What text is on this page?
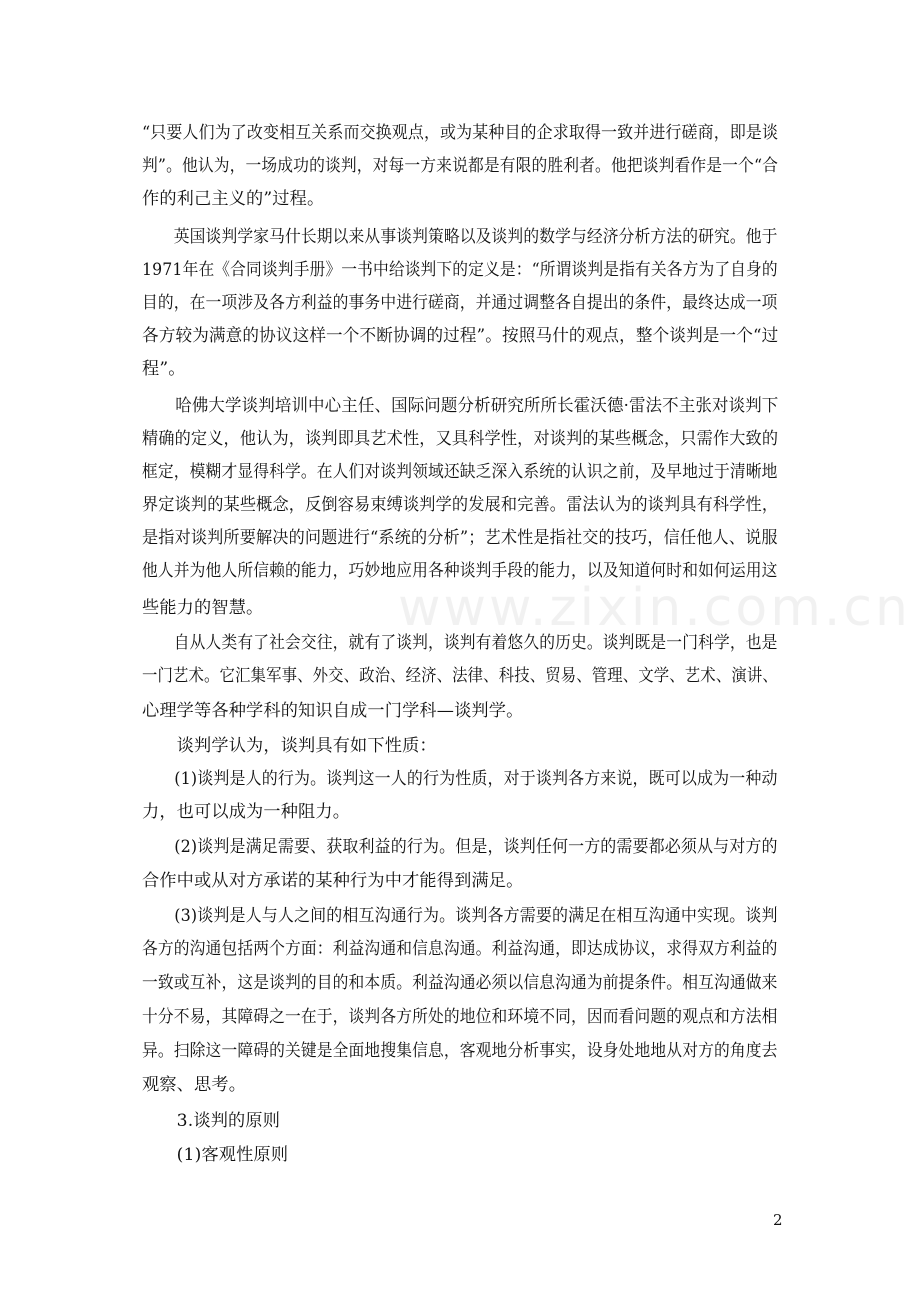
www.zixin.com.cn
“只要人们为了改变相互关系而交换观点，或为某种目的企求取得一致并进行磋商，即是谈
判”。他认为，一场成功的谈判，对每一方来说都是有限的胜利者。他把谈判看作是一个“合
作的利己主义的”过程。
　　英国谈判学家马什长期以来从事谈判策略以及谈判的数学与经济分析方法的研究。他于
1971年在《合同谈判手册》一书中给谈判下的定义是：“所谓谈判是指有关各方为了自身的
目的，在一项涉及各方利益的事务中进行磋商，并通过调整各自提出的条件，最终达成一项
各方较为满意的协议这样一个不断协调的过程”。按照马什的观点，整个谈判是一个“过
程”。
　　哈佛大学谈判培训中心主任、国际问题分析研究所所长霍沃德·雷法不主张对谈判下
精确的定义，他认为，谈判即具艺术性，又具科学性，对谈判的某些概念，只需作大致的
框定，模糊才显得科学。在人们对谈判领域还缺乏深入系统的认识之前，及早地过于清晰地
界定谈判的某些概念，反倒容易束缚谈判学的发展和完善。雷法认为的谈判具有科学性，
是指对谈判所要解决的问题进行“系统的分析”；艺术性是指社交的技巧，信任他人、说服
他人并为他人所信赖的能力，巧妙地应用各种谈判手段的能力，以及知道何时和如何运用这
些能力的智慧。
　　自从人类有了社会交往，就有了谈判，谈判有着悠久的历史。谈判既是一门科学，也是
一门艺术。它汇集军事、外交、政治、经济、法律、科技、贸易、管理、文学、艺术、演讲、
心理学等各种学科的知识自成一门学科—谈判学。
　　谈判学认为，谈判具有如下性质：
　　(1)谈判是人的行为。谈判这一人的行为性质，对于谈判各方来说，既可以成为一种动
力，也可以成为一种阻力。
　　(2)谈判是满足需要、获取利益的行为。但是，谈判任何一方的需要都必须从与对方的
合作中或从对方承诺的某种行为中才能得到满足。
　　(3)谈判是人与人之间的相互沟通行为。谈判各方需要的满足在相互沟通中实现。谈判
各方的沟通包括两个方面：利益沟通和信息沟通。利益沟通，即达成协议，求得双方利益的
一致或互补，这是谈判的目的和本质。利益沟通必须以信息沟通为前提条件。相互沟通做来
十分不易，其障碍之一在于，谈判各方所处的地位和环境不同，因而看问题的观点和方法相
异。扫除这一障碍的关键是全面地搜集信息，客观地分析事实，设身处地地从对方的角度去
观察、思考。
　　3.谈判的原则
　　(1)客观性原则
2
